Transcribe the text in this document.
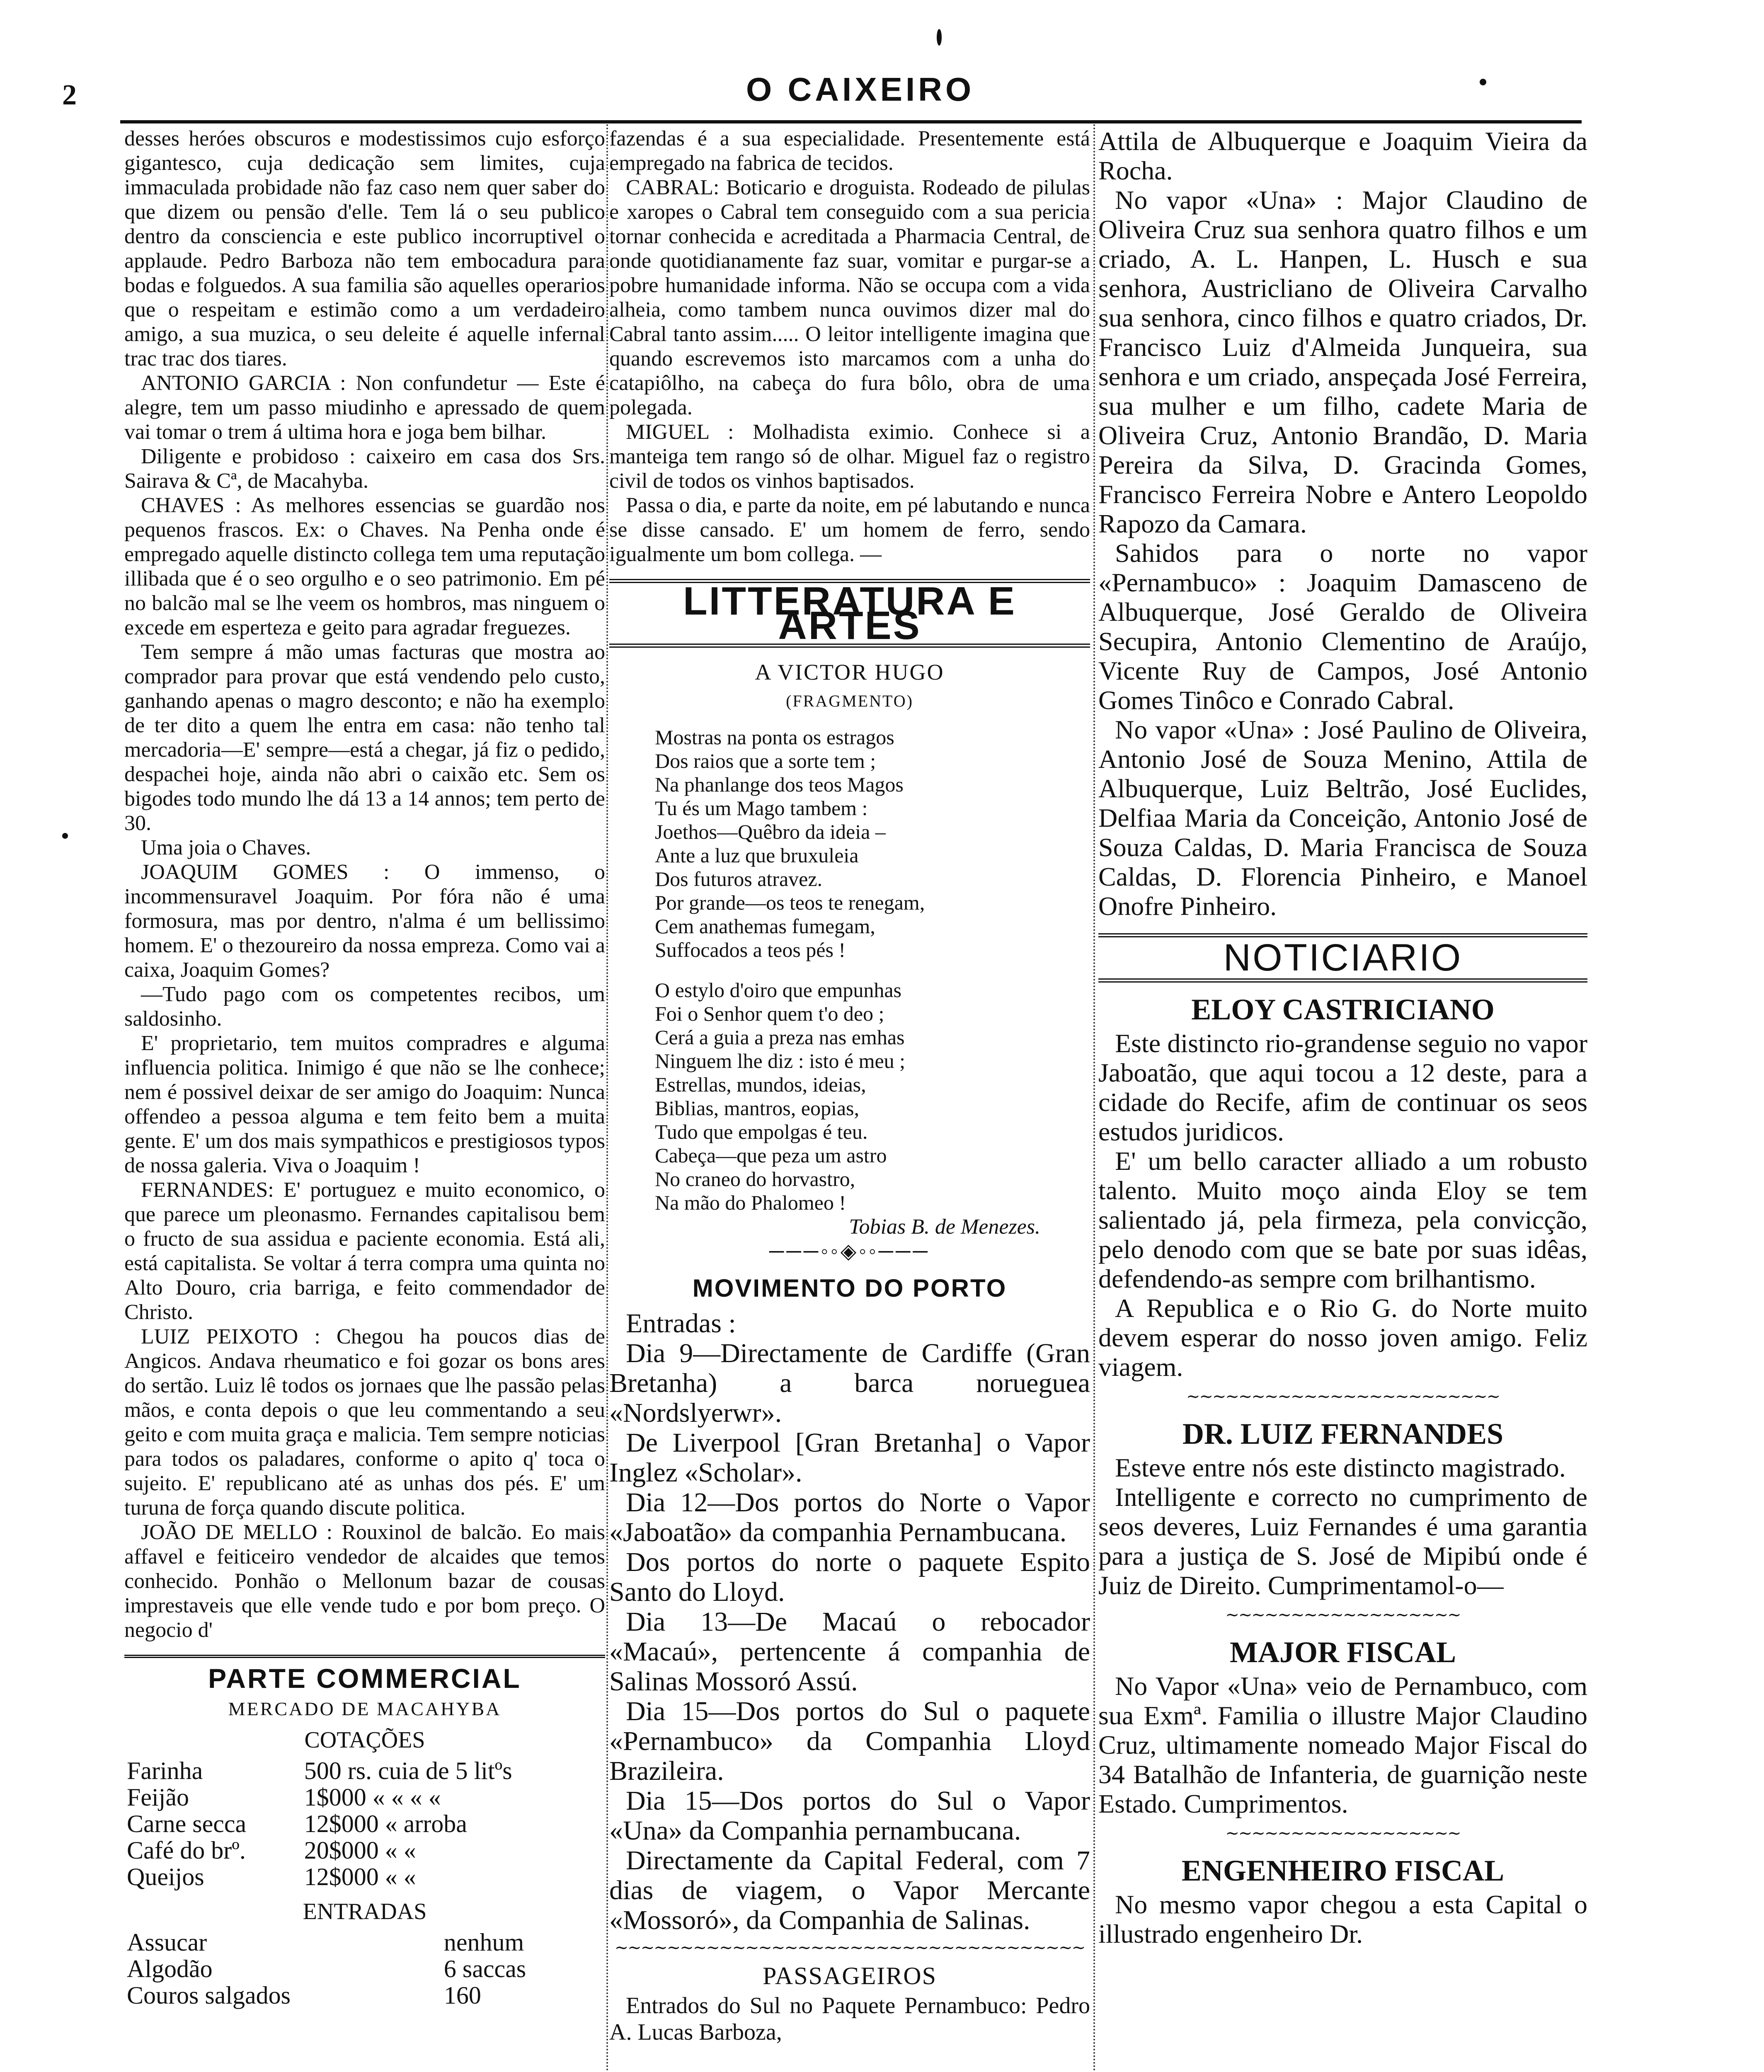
2	O CAIXEIRO

desses heróes obscuros e modestissimos cujo esforço gigantesco, cuja dedicação sem limites, cuja immaculada probidade não faz caso nem quer saber do que dizem ou pensão d'elle. Tem lá o seu publico dentro da consciencia e este publico incorruptivel o applaude. Pedro Barboza não tem embocadura para bodas e folguedos. A sua familia são aquelles operarios que o respeitam e estimão como a um verdadeiro amigo, a sua muzica, o seu deleite é aquelle infernal trac trac dos tiares.

ANTONIO GARCIA : Non confundetur — Este é alegre, tem um passo miudinho e apressado de quem vai tomar o trem á ultima hora e joga bem bilhar.

Diligente e probidoso : caixeiro em casa dos Srs. Sairava & Cª, de Macahyba.

CHAVES : As melhores essencias se guardão nos pequenos frascos. Ex: o Chaves. Na Penha onde é empregado aquelle distincto collega tem uma reputação illibada que é o seo orgulho e o seo patrimonio. Em pé no balcão mal se lhe veem os hombros, mas ninguem o excede em esperteza e geito para agradar freguezes.

Tem sempre á mão umas facturas que mostra ao comprador para provar que está vendendo pelo custo, ganhando apenas o magro desconto; e não ha exemplo de ter dito a quem lhe entra em casa: não tenho tal mercadoria—E' sempre—está a chegar, já fiz o pedido, despachei hoje, ainda não abri o caixão etc. Sem os bigodes todo mundo lhe dá 13 a 14 annos; tem perto de 30.

Uma joia o Chaves.

JOAQUIM GOMES : O immenso, o incommensuravel Joaquim. Por fóra não é uma formosura, mas por dentro, n'alma é um bellissimo homem. E' o thezoureiro da nossa empreza. Como vai a caixa, Joaquim Gomes?

—Tudo pago com os competentes recibos, um saldosinho.

E' proprietario, tem muitos compradres e alguma influencia politica. Inimigo é que não se lhe conhece; nem é possivel deixar de ser amigo do Joaquim: Nunca offendeo a pessoa alguma e tem feito bem a muita gente. E' um dos mais sympathicos e prestigiosos typos de nossa galeria. Viva o Joaquim !

FERNANDES: E' portuguez e muito economico, o que parece um pleonasmo. Fernandes capitalisou bem o fructo de sua assidua e paciente economia. Está ali, está capitalista. Se voltar á terra compra uma quinta no Alto Douro, cria barriga, e feito commendador de Christo.

LUIZ PEIXOTO : Chegou ha poucos dias de Angicos. Andava rheumatico e foi gozar os bons ares do sertão. Luiz lê todos os jornaes que lhe passão pelas mãos, e conta depois o que leu commentando a seu geito e com muita graça e malicia. Tem sempre noticias para todos os paladares, conforme o apito q' toca o sujeito. E' republicano até as unhas dos pés. E' um turuna de força quando discute politica.

JOÃO DE MELLO : Rouxinol de balcão. Eo mais affavel e feiticeiro vendedor de alcaides que temos conhecido. Ponhão o Mellonum bazar de cousas imprestaveis que elle vende tudo e por bom preço. O negocio d'

PARTE COMMERCIAL
MERCADO DE MACAHYBA
COTAÇÕES
Farinha	500 rs. cuia de 5 litºs
Feijão	1$000 « « « «
Carne secca	12$000 « arroba
Café do brº.	20$000 « «
Queijos	12$000 « «
ENTRADAS
Assucar	nenhum
Algodão	6 saccas
Couros salgados	160

fazendas é a sua especialidade. Presentemente está empregado na fabrica de tecidos.

CABRAL: Boticario e droguista. Rodeado de pilulas e xaropes o Cabral tem conseguido com a sua pericia tornar conhecida e acreditada a Pharmacia Central, de onde quotidianamente faz suar, vomitar e purgar-se a pobre humanidade informa. Não se occupa com a vida alheia, como tambem nunca ouvimos dizer mal do Cabral tanto assim..... O leitor intelligente imagina que quando escrevemos isto marcamos com a unha do catapiôlho, na cabeça do fura bôlo, obra de uma polegada.

MIGUEL : Molhadista eximio. Conhece si a manteiga tem rango só de olhar. Miguel faz o registro civil de todos os vinhos baptisados.

Passa o dia, e parte da noite, em pé labutando e nunca se disse cansado. E' um homem de ferro, sendo igualmente um bom collega. —

LITTERATURA E ARTES
A VICTOR HUGO
(FRAGMENTO)

Mostras na ponta os estragos

Dos raios que a sorte tem ;

Na phanlange dos teos Magos

Tu és um Mago tambem :

Joethos—Quêbro da ideia –

Ante a luz que bruxuleia

Dos futuros atravez.

Por grande—os teos te renegam,

Cem anathemas fumegam,

Suffocados a teos pés !

O estylo d'oiro que empunhas

Foi o Senhor quem t'o deo ;

Cerá a guia a preza nas emhas

Ninguem lhe diz : isto é meu ;

Estrellas, mundos, ideias,

Biblias, mantros, eopias,

Tudo que empolgas é teu.

Cabeça—que peza um astro

No craneo do horvastro,

Na mão do Phalomeo !

Tobias B. de Menezes.

───◦◦◈◦◦───
MOVIMENTO DO PORTO

Entradas :

Dia 9—Directamente de Cardiffe (Gran Bretanha) a barca norueguea «Nordslyerwr».

De Liverpool [Gran Bretanha] o Vapor Inglez «Scholar».

Dia 12—Dos portos do Norte o Vapor «Jaboatão» da companhia Pernambucana.

Dos portos do norte o paquete Espito Santo do Lloyd.

Dia 13—De Macaú o rebocador «Macaú», pertencente á companhia de Salinas Mossoró Assú.

Dia 15—Dos portos do Sul o paquete «Pernambuco» da Companhia Lloyd Brazileira.

Dia 15—Dos portos do Sul o Vapor «Una» da Companhia pernambucana.

Directamente da Capital Federal, com 7 dias de viagem, o Vapor Mercante «Mossoró», da Companhia de Salinas.

∼∼∼∼∼∼∼∼∼∼∼∼∼∼∼∼∼∼∼∼∼∼∼∼∼∼∼∼∼∼∼∼∼∼∼∼
PASSAGEIROS

Entrados do Sul no Paquete Pernambuco: Pedro A. Lucas Barboza,

Attila de Albuquerque e Joaquim Vieira da Rocha.

No vapor «Una» : Major Claudino de Oliveira Cruz sua senhora quatro filhos e um criado, A. L. Hanpen, L. Husch e sua senhora, Austricliano de Oliveira Carvalho sua senhora, cinco filhos e quatro criados, Dr. Francisco Luiz d'Almeida Junqueira, sua senhora e um criado, anspeçada José Ferreira, sua mulher e um filho, cadete Maria de Oliveira Cruz, Antonio Brandão, D. Maria Pereira da Silva, D. Gracinda Gomes, Francisco Ferreira Nobre e Antero Leopoldo Rapozo da Camara.

Sahidos para o norte no vapor «Pernambuco» : Joaquim Damasceno de Albuquerque, José Geraldo de Oliveira Secupira, Antonio Clementino de Araújo, Vicente Ruy de Campos, José Antonio Gomes Tinôco e Conrado Cabral.

No vapor «Una» : José Paulino de Oliveira, Antonio José de Souza Menino, Attila de Albuquerque, Luiz Beltrão, José Euclides, Delfiaa Maria da Conceição, Antonio José de Souza Caldas, D. Maria Francisca de Souza Caldas, D. Florencia Pinheiro, e Manoel Onofre Pinheiro.

NOTICIARIO
ELOY CASTRICIANO

Este distincto rio-grandense seguio no vapor Jaboatão, que aqui tocou a 12 deste, para a cidade do Recife, afim de continuar os seos estudos juridicos.

E' um bello caracter alliado a um robusto talento. Muito moço ainda Eloy se tem salientado já, pela firmeza, pela convicção, pelo denodo com que se bate por suas idêas, defendendo-as sempre com brilhantismo.

A Republica e o Rio G. do Norte muito devem esperar do nosso joven amigo. Feliz viagem.

∼∼∼∼∼∼∼∼∼∼∼∼∼∼∼∼∼∼∼∼∼∼∼∼
DR. LUIZ FERNANDES

Esteve entre nós este distincto magistrado.

Intelligente e correcto no cumprimento de seos deveres, Luiz Fernandes é uma garantia para a justiça de S. José de Mipibú onde é Juiz de Direito. Cumprimentamol-o—

∼∼∼∼∼∼∼∼∼∼∼∼∼∼∼∼∼∼
MAJOR FISCAL

No Vapor «Una» veio de Pernambuco, com sua Exmª. Familia o illustre Major Claudino Cruz, ultimamente nomeado Major Fiscal do 34 Batalhão de Infanteria, de guarnição neste Estado. Cumprimentos.

∼∼∼∼∼∼∼∼∼∼∼∼∼∼∼∼∼∼
ENGENHEIRO FISCAL

No mesmo vapor chegou a esta Capital o illustrado engenheiro Dr.
